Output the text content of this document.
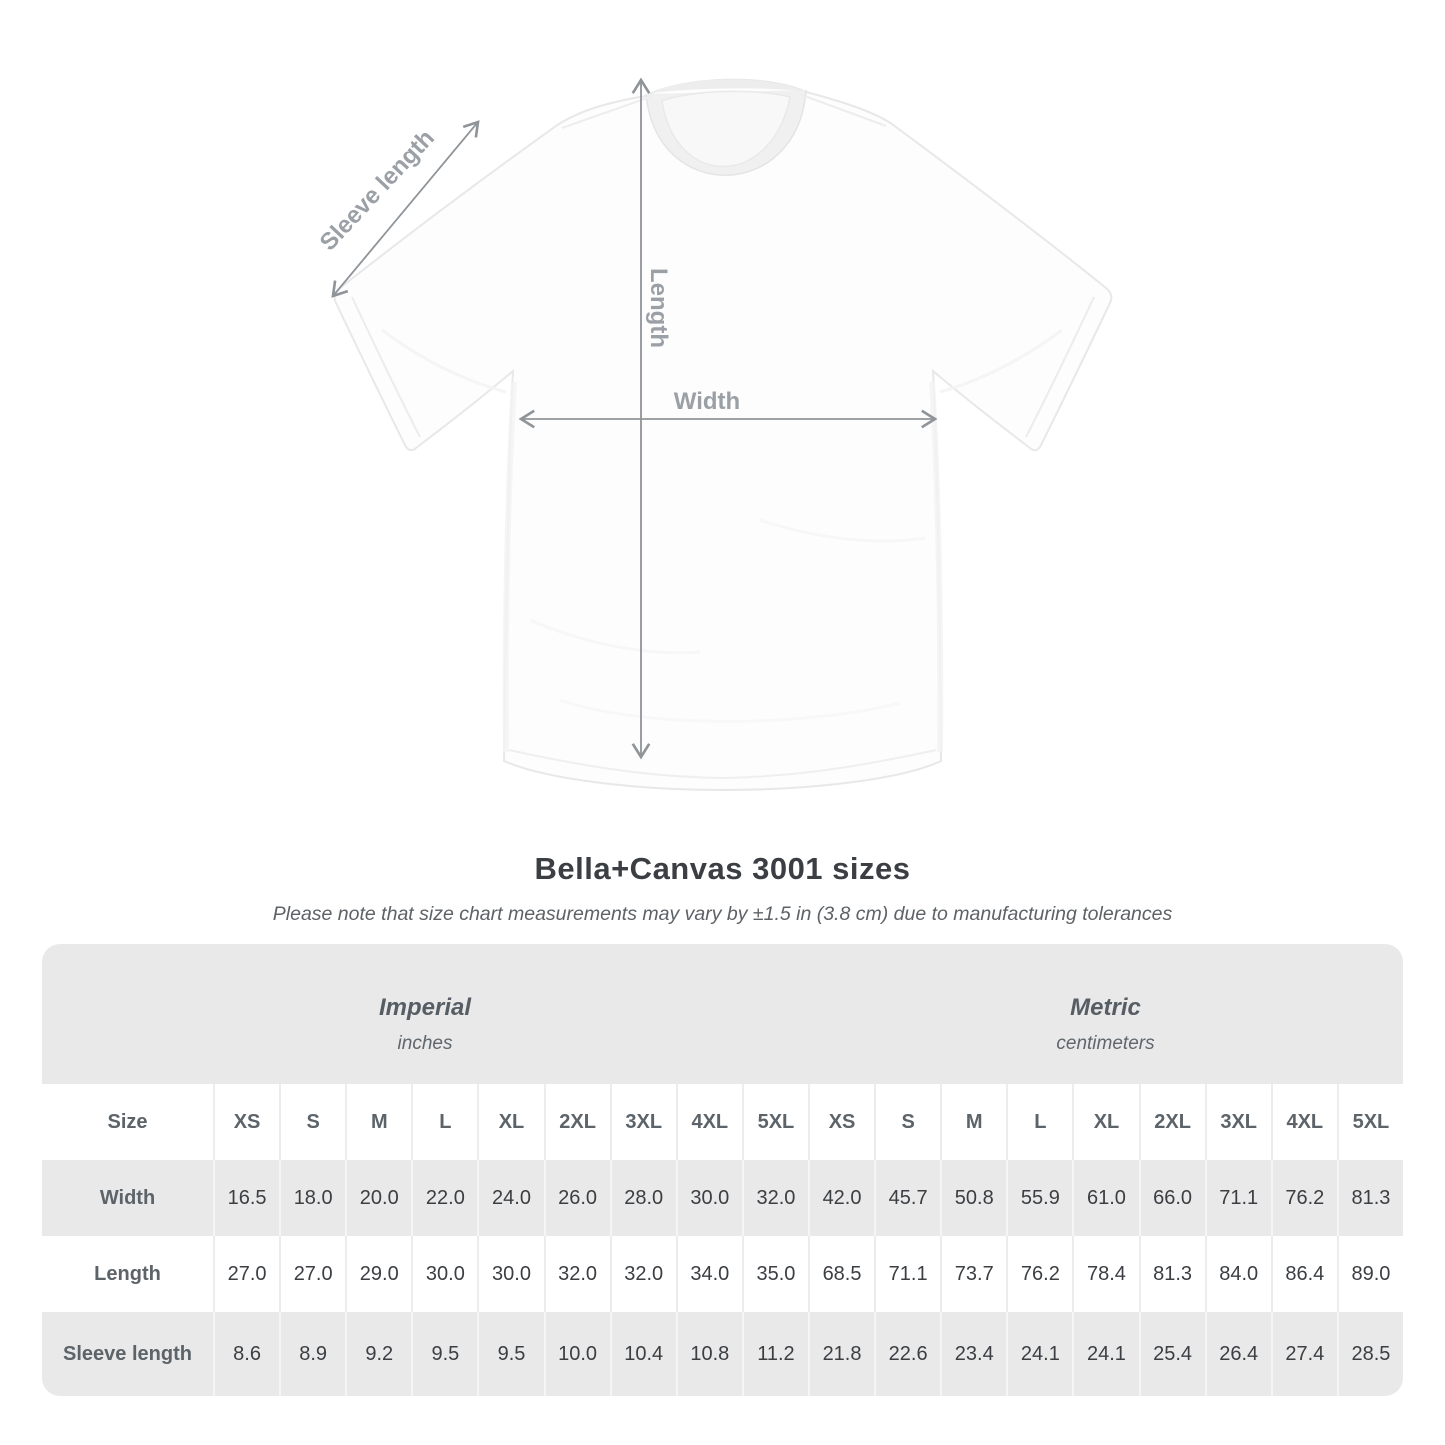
Length
Width
Sleeve length
Bella+Canvas 3001 sizes

Please note that size chart measurements may vary by ±1.5 in (3.8 cm) due to manufacturing tolerances

Imperial
inches										Metric
centimeters								

Size	XS	S	M	L	XL	2XL	3XL	4XL	5XL	XS	S	M	L	XL	2XL	3XL	4XL	5XL
Width	16.5	18.0	20.0	22.0	24.0	26.0	28.0	30.0	32.0	42.0	45.7	50.8	55.9	61.0	66.0	71.1	76.2	81.3
Length	27.0	27.0	29.0	30.0	30.0	32.0	32.0	34.0	35.0	68.5	71.1	73.7	76.2	78.4	81.3	84.0	86.4	89.0
Sleeve length	8.6	8.9	9.2	9.5	9.5	10.0	10.4	10.8	11.2	21.8	22.6	23.4	24.1	24.1	25.4	26.4	27.4	28.5
